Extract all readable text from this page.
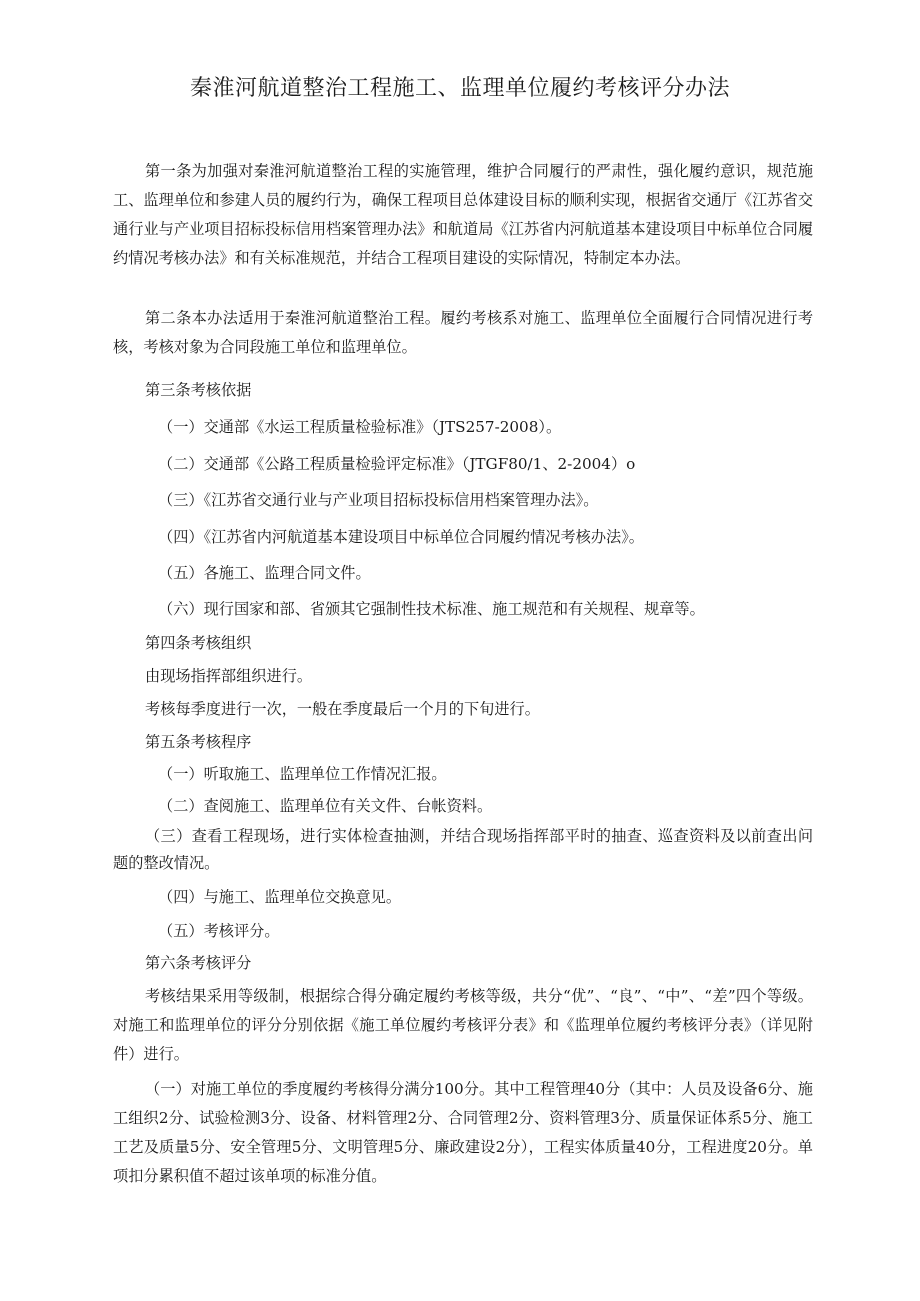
秦淮河航道整治工程施工、监理单位履约考核评分办法

第一条为加强对秦淮河航道整治工程的实施管理，维护合同履行的严肃性，强化履约意识，规范施工、监理单位和参建人员的履约行为，确保工程项目总体建设目标的顺利实现，根据省交通厅《江苏省交通行业与产业项目招标投标信用档案管理办法》和航道局《江苏省内河航道基本建设项目中标单位合同履约情况考核办法》和有关标准规范，并结合工程项目建设的实际情况，特制定本办法。

第二条本办法适用于秦淮河航道整治工程。履约考核系对施工、监理单位全面履行合同情况进行考核，考核对象为合同段施工单位和监理单位。

第三条考核依据

（一）交通部《水运工程质量检验标准》（JTS257-2008）。

（二）交通部《公路工程质量检验评定标准》（JTGF80/1、2-2004）o

（三）《江苏省交通行业与产业项目招标投标信用档案管理办法》。

（四）《江苏省内河航道基本建设项目中标单位合同履约情况考核办法》。

（五）各施工、监理合同文件。

（六）现行国家和部、省颁其它强制性技术标准、施工规范和有关规程、规章等。

第四条考核组织

由现场指挥部组织进行。

考核每季度进行一次，一般在季度最后一个月的下旬进行。

第五条考核程序

（一）听取施工、监理单位工作情况汇报。

（二）查阅施工、监理单位有关文件、台帐资料。

（三）查看工程现场，进行实体检查抽测，并结合现场指挥部平时的抽查、巡查资料及以前查出问题的整改情况。

（四）与施工、监理单位交换意见。

（五）考核评分。

第六条考核评分

考核结果采用等级制，根据综合得分确定履约考核等级，共分“优”、“良”、“中”、“差”四个等级。对施工和监理单位的评分分别依据《施工单位履约考核评分表》和《监理单位履约考核评分表》（详见附件）进行。

（一）对施工单位的季度履约考核得分满分100分。其中工程管理40分（其中：人员及设备6分、施工组织2分、试验检测3分、设备、材料管理2分、合同管理2分、资料管理3分、质量保证体系5分、施工工艺及质量5分、安全管理5分、文明管理5分、廉政建设2分），工程实体质量40分，工程进度20分。单项扣分累积值不超过该单项的标准分值。
